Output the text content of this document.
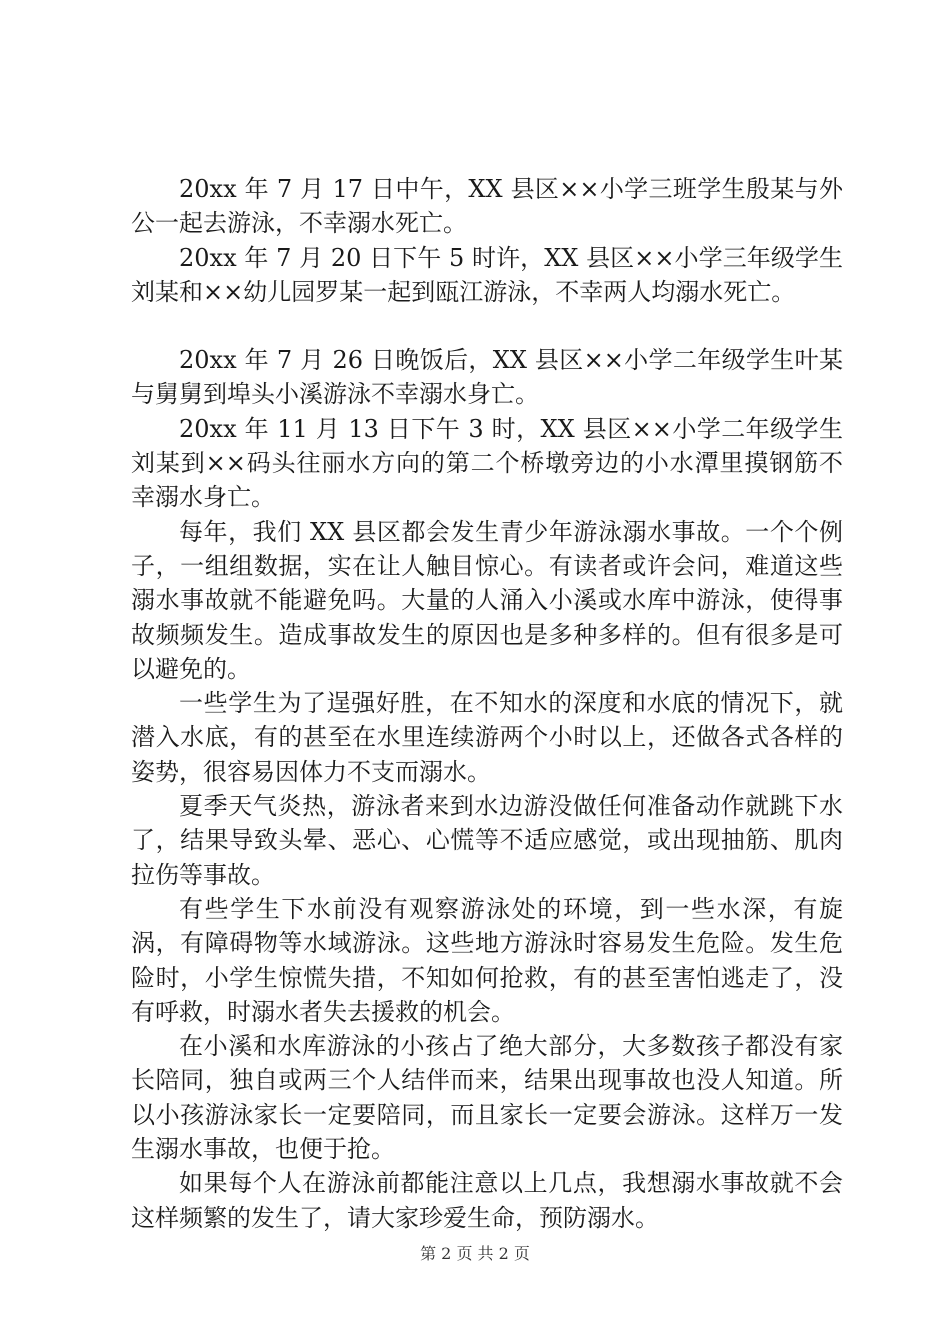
20xx 年 7 月 17 日中午，XX 县区××小学三班学生殷某与外公一起去游泳，不幸溺水死亡。

20xx 年 7 月 20 日下午 5 时许，XX 县区××小学三年级学生刘某和××幼儿园罗某一起到瓯江游泳，不幸两人均溺水死亡。

20xx 年 7 月 26 日晚饭后，XX 县区××小学二年级学生叶某与舅舅到埠头小溪游泳不幸溺水身亡。

20xx 年 11 月 13 日下午 3 时，XX 县区××小学二年级学生刘某到××码头往丽水方向的第二个桥墩旁边的小水潭里摸钢筋不幸溺水身亡。

每年，我们 XX 县区都会发生青少年游泳溺水事故。一个个例子，一组组数据，实在让人触目惊心。有读者或许会问，难道这些溺水事故就不能避免吗。大量的人涌入小溪或水库中游泳，使得事故频频发生。造成事故发生的原因也是多种多样的。但有很多是可以避免的。

一些学生为了逞强好胜，在不知水的深度和水底的情况下，就潜入水底，有的甚至在水里连续游两个小时以上，还做各式各样的姿势，很容易因体力不支而溺水。

夏季天气炎热，游泳者来到水边游没做任何准备动作就跳下水了，结果导致头晕、恶心、心慌等不适应感觉，或出现抽筋、肌肉拉伤等事故。

有些学生下水前没有观察游泳处的环境，到一些水深，有旋涡，有障碍物等水域游泳。这些地方游泳时容易发生危险。发生危险时，小学生惊慌失措，不知如何抢救，有的甚至害怕逃走了，没有呼救，时溺水者失去援救的机会。

在小溪和水库游泳的小孩占了绝大部分，大多数孩子都没有家长陪同，独自或两三个人结伴而来，结果出现事故也没人知道。所以小孩游泳家长一定要陪同，而且家长一定要会游泳。这样万一发生溺水事故，也便于抢。

如果每个人在游泳前都能注意以上几点，我想溺水事故就不会这样频繁的发生了，请大家珍爱生命，预防溺水。

第 2 页 共 2 页
